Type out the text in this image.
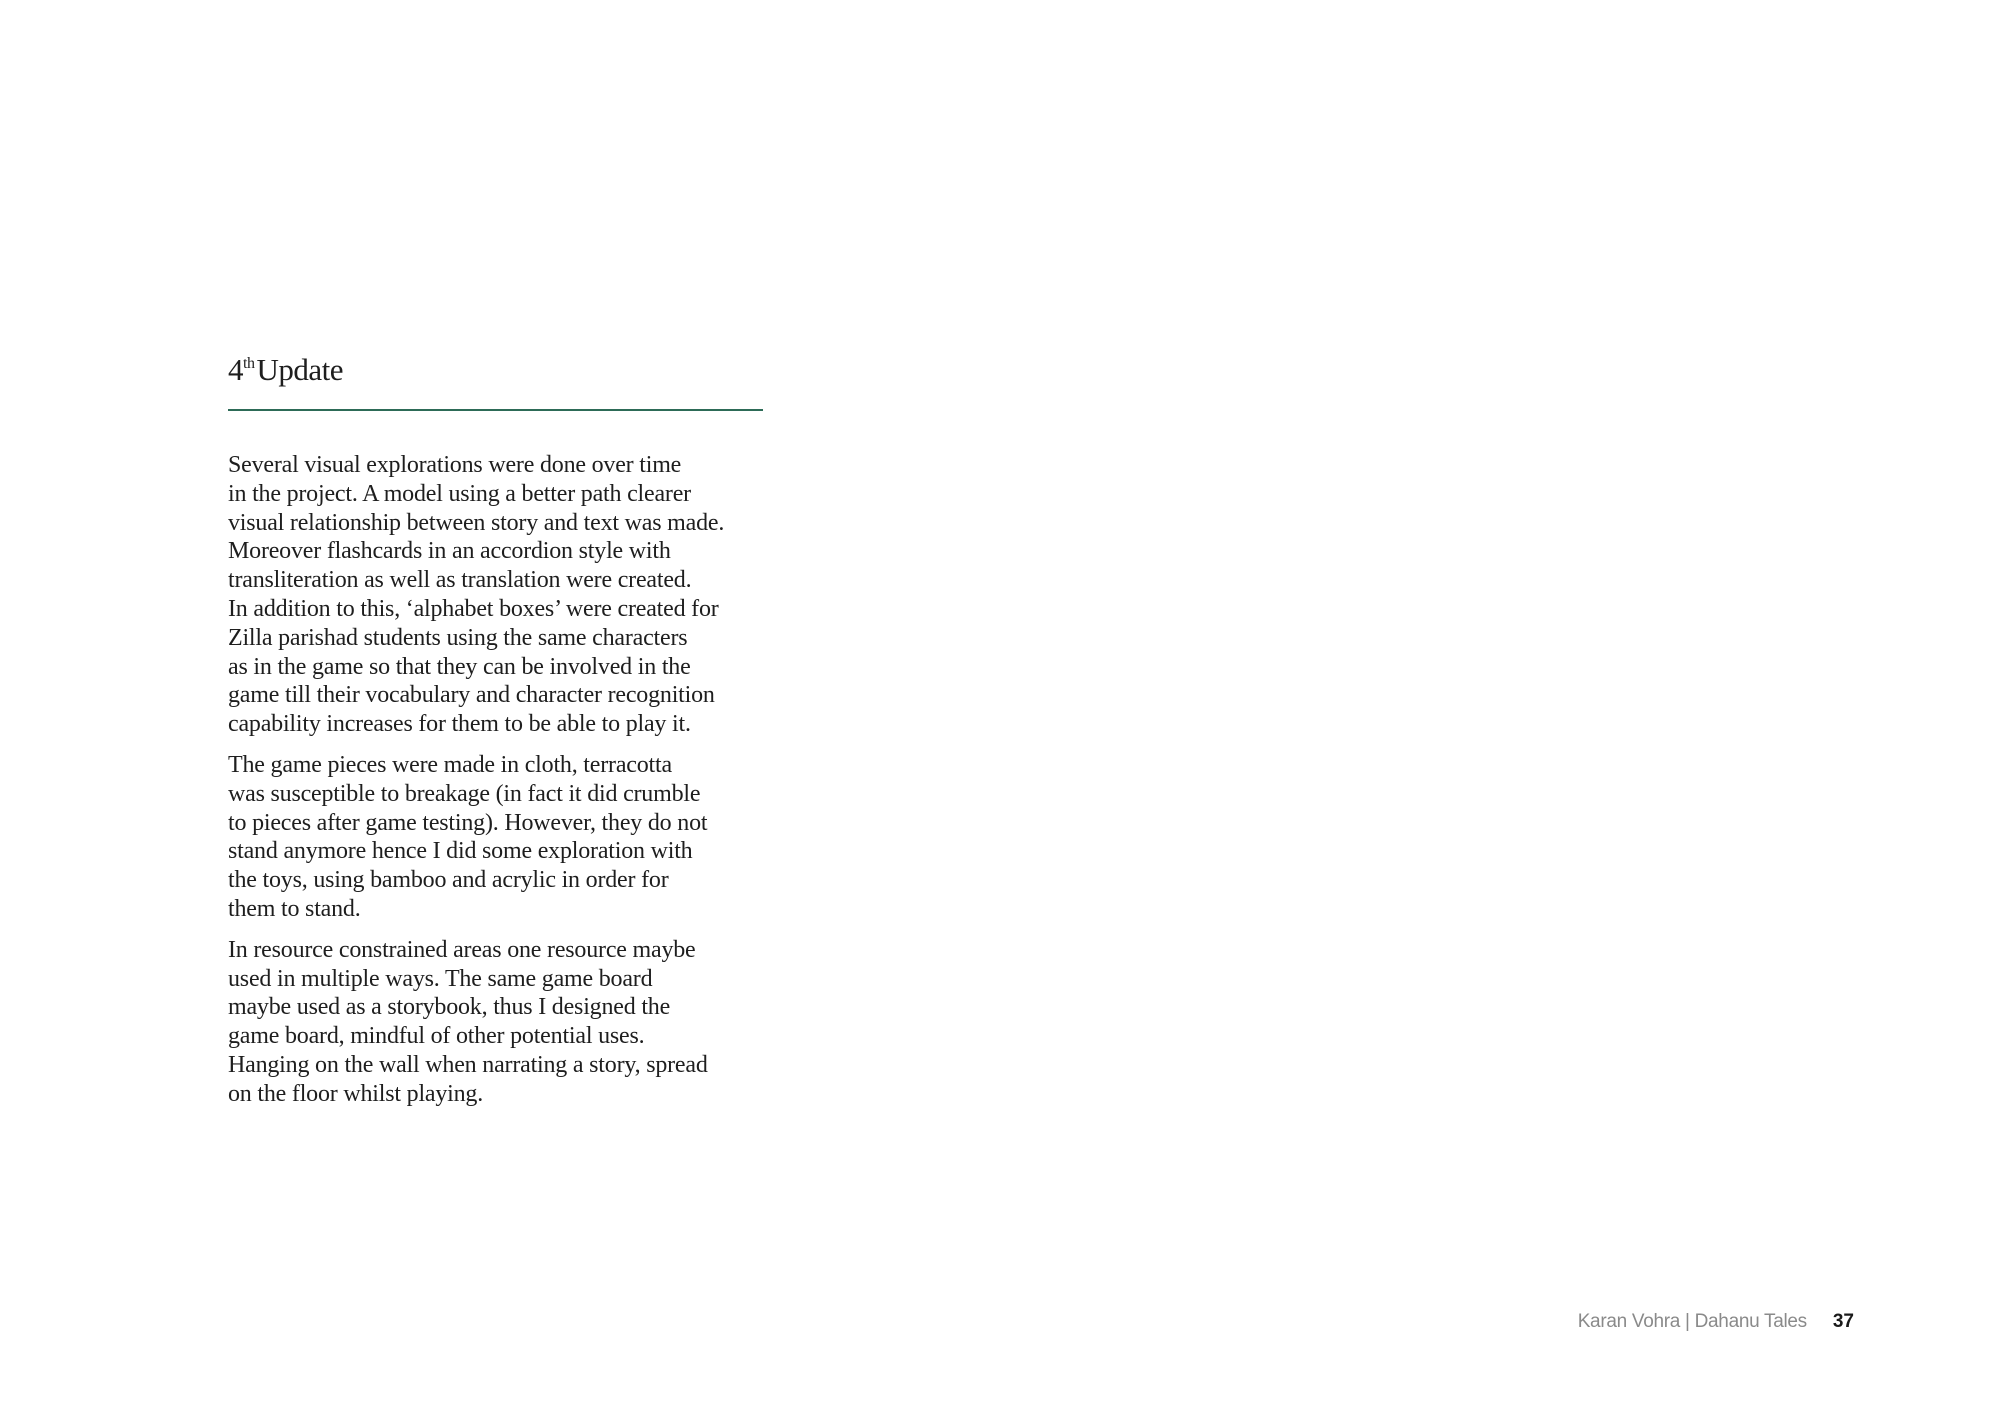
4thUpdate

Several visual explorations were done over time
in the project. A model using a better path clearer
visual relationship between story and text was made.
Moreover flashcards in an accordion style with
transliteration as well as translation were created.
In addition to this, ‘alphabet boxes’ were created for
Zilla parishad students using the same characters
as in the game so that they can be involved in the
game till their vocabulary and character recognition
capability increases for them to be able to play it.

The game pieces were made in cloth, terracotta
was susceptible to breakage (in fact it did crumble
to pieces after game testing). However, they do not
stand anymore hence I did some exploration with
the toys, using bamboo and acrylic in order for
them to stand.

In resource constrained areas one resource maybe
used in multiple ways. The same game board
maybe used as a storybook, thus I designed the
game board, mindful of other potential uses.
Hanging on the wall when narrating a story, spread
on the floor whilst playing.

Karan Vohra | Dahanu Tales 37
